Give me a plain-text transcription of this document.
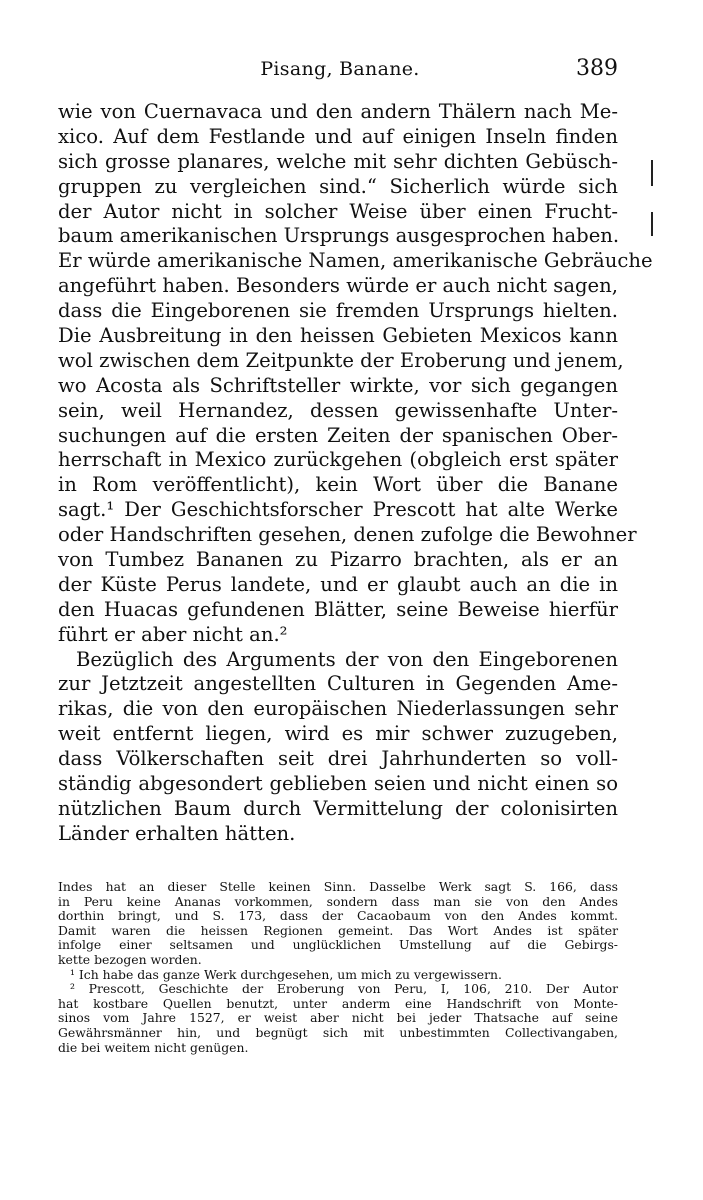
Pisang, Banane.	389
wie von Cuernavaca und den andern Thälern nach Me-
xico. Auf dem Festlande und auf einigen Inseln finden
sich grosse planares, welche mit sehr dichten Gebüsch-
gruppen zu vergleichen sind.“ Sicherlich würde sich
der Autor nicht in solcher Weise über einen Frucht-
baum amerikanischen Ursprungs ausgesprochen haben.
Er würde amerikanische Namen, amerikanische Gebräuche
angeführt haben. Besonders würde er auch nicht sagen,
dass die Eingeborenen sie fremden Ursprungs hielten.
Die Ausbreitung in den heissen Gebieten Mexicos kann
wol zwischen dem Zeitpunkte der Eroberung und jenem,
wo Acosta als Schriftsteller wirkte, vor sich gegangen
sein, weil Hernandez, dessen gewissenhafte Unter-
suchungen auf die ersten Zeiten der spanischen Ober-
herrschaft in Mexico zurückgehen (obgleich erst später
in Rom veröffentlicht), kein Wort über die Banane
sagt.¹ Der Geschichtsforscher Prescott hat alte Werke
oder Handschriften gesehen, denen zufolge die Bewohner
von Tumbez Bananen zu Pizarro brachten, als er an
der Küste Perus landete, und er glaubt auch an die in
den Huacas gefundenen Blätter, seine Beweise hierfür
führt er aber nicht an.²
Bezüglich des Arguments der von den Eingeborenen
zur Jetztzeit angestellten Culturen in Gegenden Ame-
rikas, die von den europäischen Niederlassungen sehr
weit entfernt liegen, wird es mir schwer zuzugeben,
dass Völkerschaften seit drei Jahrhunderten so voll-
ständig abgesondert geblieben seien und nicht einen so
nützlichen Baum durch Vermittelung der colonisirten
Länder erhalten hätten.
Indes hat an dieser Stelle keinen Sinn. Dasselbe Werk sagt S. 166, dass
in Peru keine Ananas vorkommen, sondern dass man sie von den Andes
dorthin bringt, und S. 173, dass der Cacaobaum von den Andes kommt.
Damit waren die heissen Regionen gemeint. Das Wort Andes ist später
infolge einer seltsamen und unglücklichen Umstellung auf die Gebirgs-
kette bezogen worden.
¹ Ich habe das ganze Werk durchgesehen, um mich zu vergewissern.
² Prescott, Geschichte der Eroberung von Peru, I, 106, 210. Der Autor
hat kostbare Quellen benutzt, unter anderm eine Handschrift von Monte-
sinos vom Jahre 1527, er weist aber nicht bei jeder Thatsache auf seine
Gewährsmänner hin, und begnügt sich mit unbestimmten Collectivangaben,
die bei weitem nicht genügen.
